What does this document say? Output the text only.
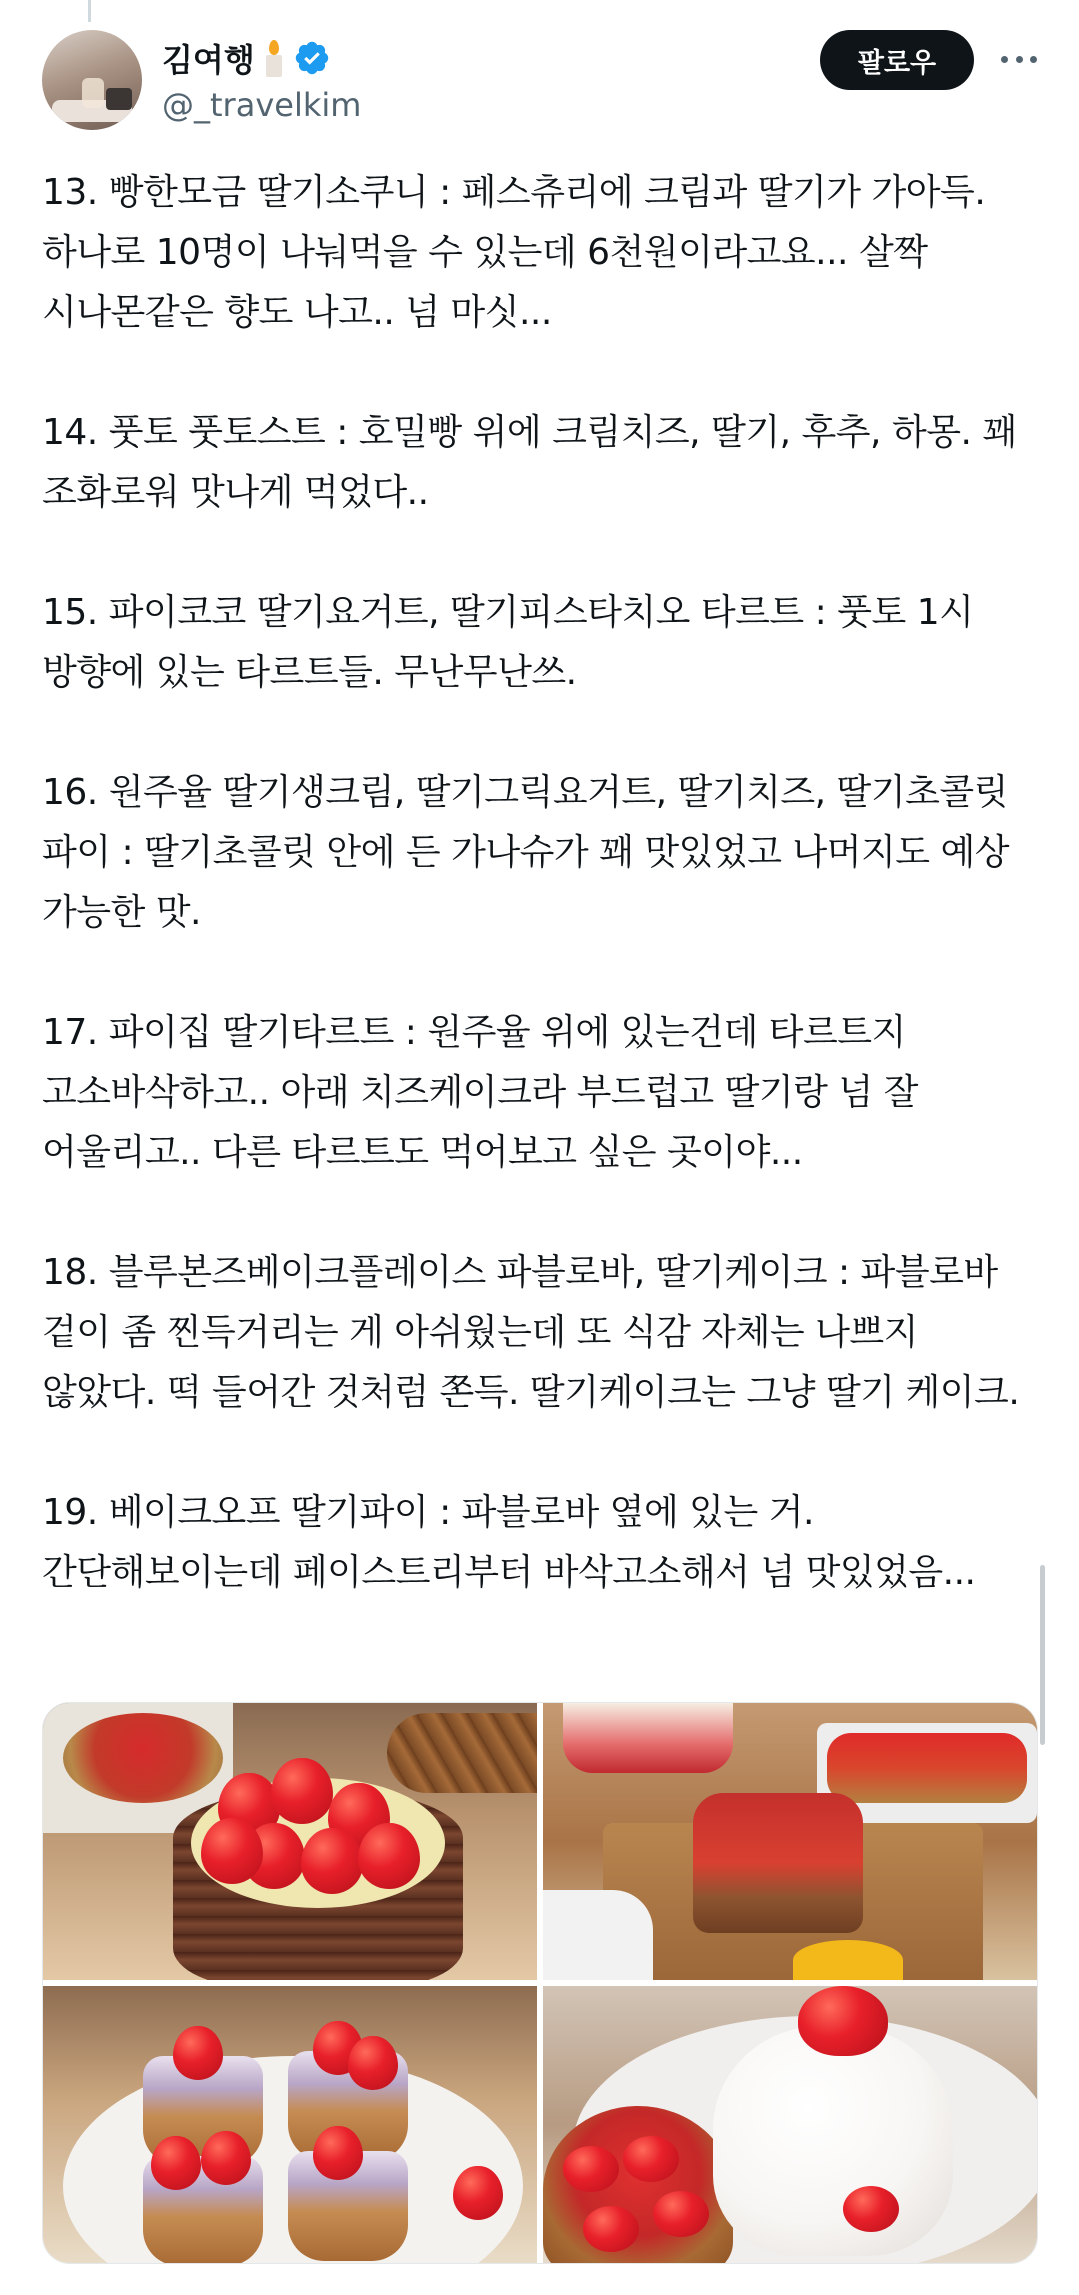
김여행
@_travelkim
팔로우
13. 빵한모금 딸기소쿠니 : 페스츄리에 크림과 딸기가 가아득. 하나로 10명이 나눠먹을 수 있는데 6천원이라고요... 살짝 시나몬같은 향도 나고.. 넘 마싯...
14. 풋토 풋토스트 : 호밀빵 위에 크림치즈, 딸기, 후추, 하몽. 꽤 조화로워 맛나게 먹었다..
15. 파이코코 딸기요거트, 딸기피스타치오 타르트 : 풋토 1시 방향에 있는 타르트들. 무난무난쓰.
16. 원주율 딸기생크림, 딸기그릭요거트, 딸기치즈, 딸기초콜릿 파이 : 딸기초콜릿 안에 든 가나슈가 꽤 맛있었고 나머지도 예상 가능한 맛.
17. 파이집 딸기타르트 : 원주율 위에 있는건데 타르트지 고소바삭하고.. 아래 치즈케이크라 부드럽고 딸기랑 넘 잘 어울리고.. 다른 타르트도 먹어보고 싶은 곳이야...
18. 블루본즈베이크플레이스 파블로바, 딸기케이크 : 파블로바 겉이 좀 찐득거리는 게 아쉬웠는데 또 식감 자체는 나쁘지 않았다. 떡 들어간 것처럼 쫀득. 딸기케이크는 그냥 딸기 케이크.
19. 베이크오프 딸기파이 : 파블로바 옆에 있는 거. 간단해보이는데 페이스트리부터 바삭고소해서 넘 맛있었음...
